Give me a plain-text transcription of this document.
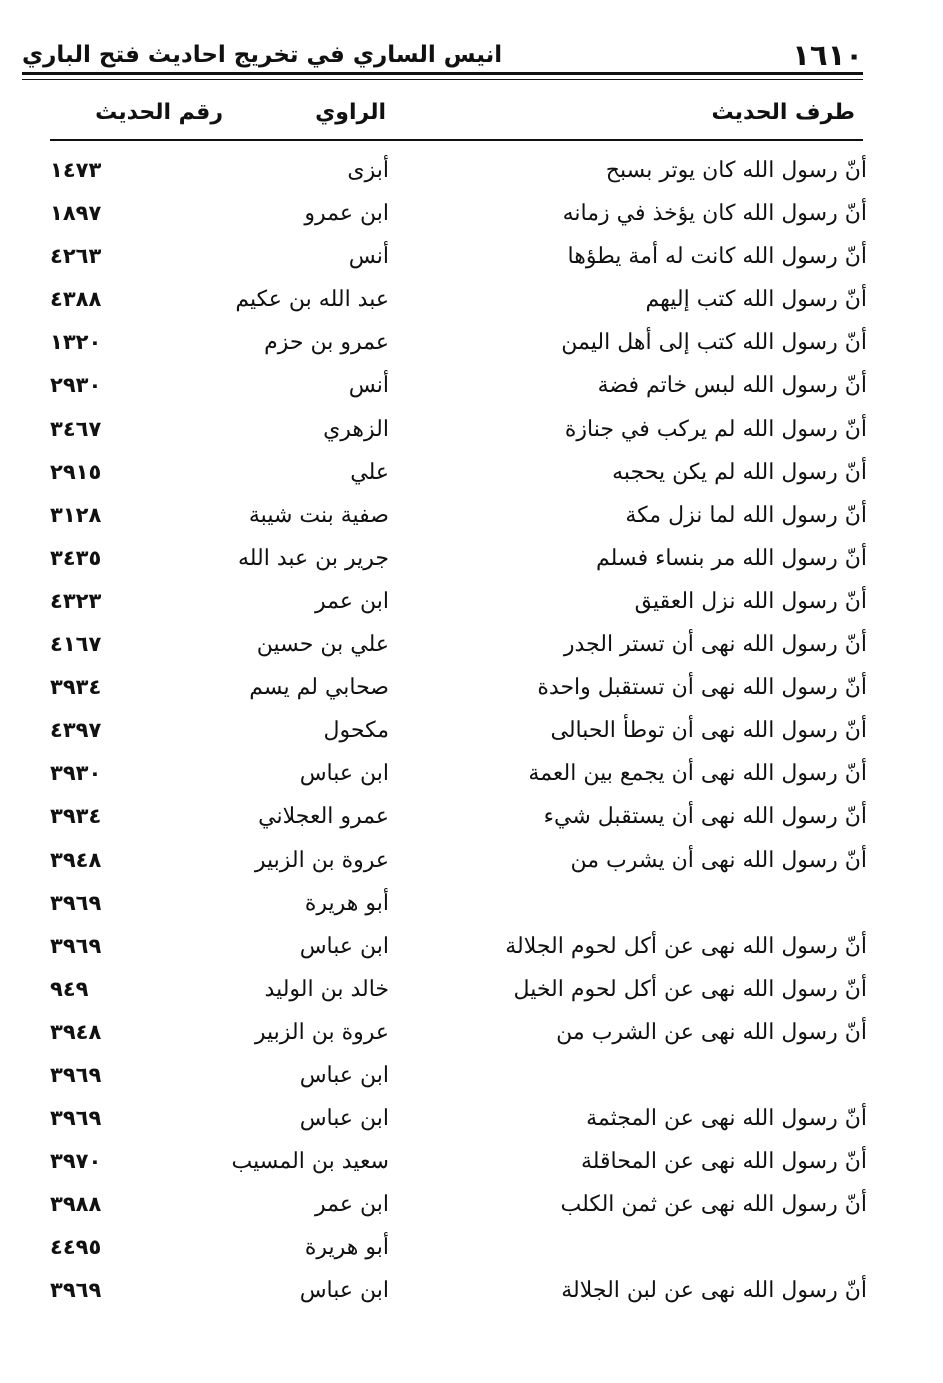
١٦١٠
انيس الساري في تخريج احاديث فتح الباري
طرف الحديث
الراوي
رقم الحديث
أنّ رسول الله كان يوتر بسبح
أبزى
١٤٧٣
أنّ رسول الله كان يؤخذ في زمانه
ابن عمرو
١٨٩٧
أنّ رسول الله كانت له أمة يطؤها
أنس
٤٢٦٣
أنّ رسول الله كتب إليهم
عبد الله بن عكيم
٤٣٨٨
أنّ رسول الله كتب إلى أهل اليمن
عمرو بن حزم
١٣٢٠
أنّ رسول الله لبس خاتم فضة
أنس
٢٩٣٠
أنّ رسول الله لم يركب في جنازة
الزهري
٣٤٦٧
أنّ رسول الله لم يكن يحجبه
علي
٢٩١٥
أنّ رسول الله لما نزل مكة
صفية بنت شيبة
٣١٢٨
أنّ رسول الله مر بنساء فسلم
جرير بن عبد الله
٣٤٣٥
أنّ رسول الله نزل العقيق
ابن عمر
٤٣٢٣
أنّ رسول الله نهى أن تستر الجدر
علي بن حسين
٤١٦٧
أنّ رسول الله نهى أن تستقبل واحدة
صحابي لم يسم
٣٩٣٤
أنّ رسول الله نهى أن توطأ الحبالى
مكحول
٤٣٩٧
أنّ رسول الله نهى أن يجمع بين العمة
ابن عباس
٣٩٣٠
أنّ رسول الله نهى أن يستقبل شيء
عمرو العجلاني
٣٩٣٤
أنّ رسول الله نهى أن يشرب من
عروة بن الزبير
٣٩٤٨
أبو هريرة
٣٩٦٩
أنّ رسول الله نهى عن أكل لحوم الجلالة
ابن عباس
٣٩٦٩
أنّ رسول الله نهى عن أكل لحوم الخيل
خالد بن الوليد
٩٤٩
أنّ رسول الله نهى عن الشرب من
عروة بن الزبير
٣٩٤٨
ابن عباس
٣٩٦٩
أنّ رسول الله نهى عن المجثمة
ابن عباس
٣٩٦٩
أنّ رسول الله نهى عن المحاقلة
سعيد بن المسيب
٣٩٧٠
أنّ رسول الله نهى عن ثمن الكلب
ابن عمر
٣٩٨٨
أبو هريرة
٤٤٩٥
أنّ رسول الله نهى عن لبن الجلالة
ابن عباس
٣٩٦٩
